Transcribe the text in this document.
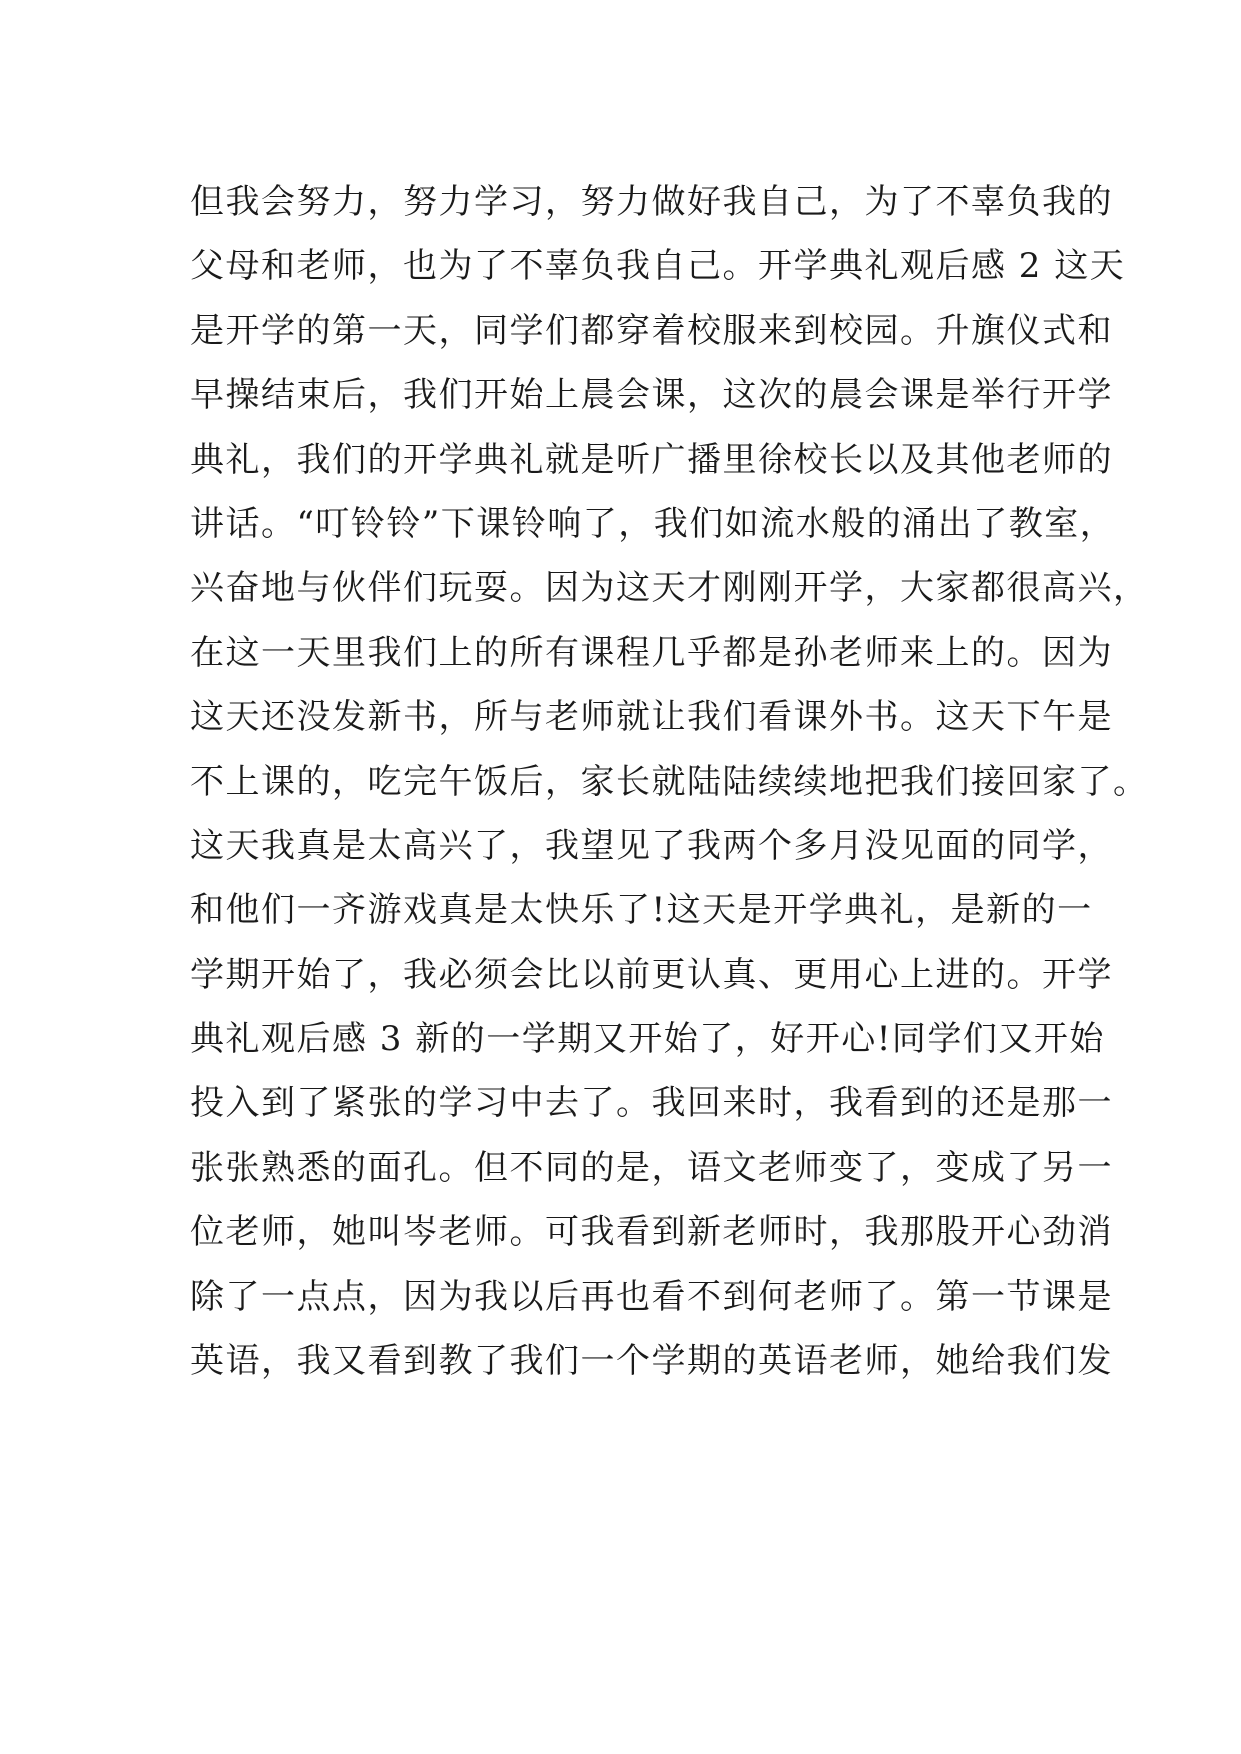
但我会努力，努力学习，努力做好我自己，为了不辜负我的
父母和老师，也为了不辜负我自己。开学典礼观后感 2 这天
是开学的第一天，同学们都穿着校服来到校园。升旗仪式和
早操结束后，我们开始上晨会课，这次的晨会课是举行开学
典礼，我们的开学典礼就是听广播里徐校长以及其他老师的
讲话。“叮铃铃”下课铃响了，我们如流水般的涌出了教室，
兴奋地与伙伴们玩耍。因为这天才刚刚开学，大家都很高兴，
在这一天里我们上的所有课程几乎都是孙老师来上的。因为
这天还没发新书，所与老师就让我们看课外书。这天下午是
不上课的，吃完午饭后，家长就陆陆续续地把我们接回家了。
这天我真是太高兴了，我望见了我两个多月没见面的同学，
和他们一齐游戏真是太快乐了!这天是开学典礼，是新的一
学期开始了，我必须会比以前更认真、更用心上进的。开学
典礼观后感 3 新的一学期又开始了，好开心!同学们又开始
投入到了紧张的学习中去了。我回来时，我看到的还是那一
张张熟悉的面孔。但不同的是，语文老师变了，变成了另一
位老师，她叫岑老师。可我看到新老师时，我那股开心劲消
除了一点点，因为我以后再也看不到何老师了。第一节课是
英语，我又看到教了我们一个学期的英语老师，她给我们发
